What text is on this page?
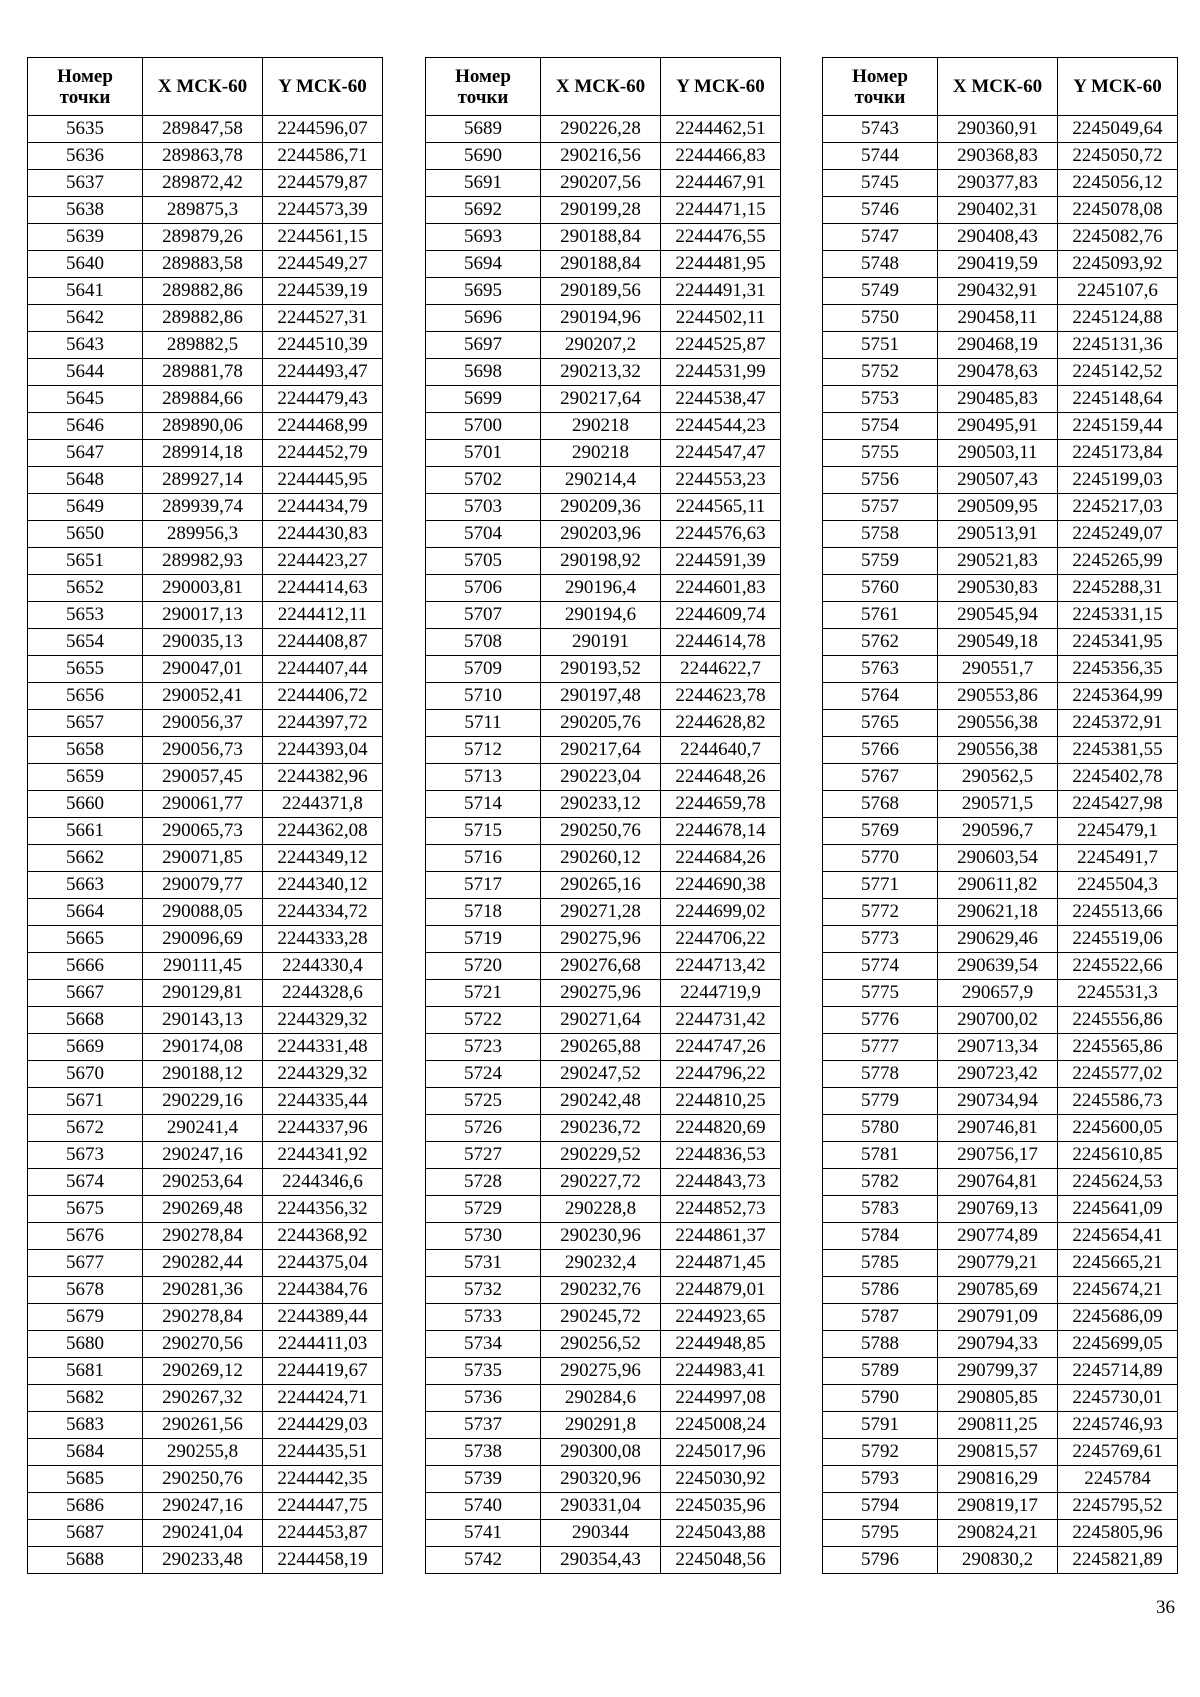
Номер
точки	X МСК-60	Y МСК-60
5635	289847,58	2244596,07
5636	289863,78	2244586,71
5637	289872,42	2244579,87
5638	289875,3	2244573,39
5639	289879,26	2244561,15
5640	289883,58	2244549,27
5641	289882,86	2244539,19
5642	289882,86	2244527,31
5643	289882,5	2244510,39
5644	289881,78	2244493,47
5645	289884,66	2244479,43
5646	289890,06	2244468,99
5647	289914,18	2244452,79
5648	289927,14	2244445,95
5649	289939,74	2244434,79
5650	289956,3	2244430,83
5651	289982,93	2244423,27
5652	290003,81	2244414,63
5653	290017,13	2244412,11
5654	290035,13	2244408,87
5655	290047,01	2244407,44
5656	290052,41	2244406,72
5657	290056,37	2244397,72
5658	290056,73	2244393,04
5659	290057,45	2244382,96
5660	290061,77	2244371,8
5661	290065,73	2244362,08
5662	290071,85	2244349,12
5663	290079,77	2244340,12
5664	290088,05	2244334,72
5665	290096,69	2244333,28
5666	290111,45	2244330,4
5667	290129,81	2244328,6
5668	290143,13	2244329,32
5669	290174,08	2244331,48
5670	290188,12	2244329,32
5671	290229,16	2244335,44
5672	290241,4	2244337,96
5673	290247,16	2244341,92
5674	290253,64	2244346,6
5675	290269,48	2244356,32
5676	290278,84	2244368,92
5677	290282,44	2244375,04
5678	290281,36	2244384,76
5679	290278,84	2244389,44
5680	290270,56	2244411,03
5681	290269,12	2244419,67
5682	290267,32	2244424,71
5683	290261,56	2244429,03
5684	290255,8	2244435,51
5685	290250,76	2244442,35
5686	290247,16	2244447,75
5687	290241,04	2244453,87
5688	290233,48	2244458,19
Номер
точки	X МСК-60	Y МСК-60
5689	290226,28	2244462,51
5690	290216,56	2244466,83
5691	290207,56	2244467,91
5692	290199,28	2244471,15
5693	290188,84	2244476,55
5694	290188,84	2244481,95
5695	290189,56	2244491,31
5696	290194,96	2244502,11
5697	290207,2	2244525,87
5698	290213,32	2244531,99
5699	290217,64	2244538,47
5700	290218	2244544,23
5701	290218	2244547,47
5702	290214,4	2244553,23
5703	290209,36	2244565,11
5704	290203,96	2244576,63
5705	290198,92	2244591,39
5706	290196,4	2244601,83
5707	290194,6	2244609,74
5708	290191	2244614,78
5709	290193,52	2244622,7
5710	290197,48	2244623,78
5711	290205,76	2244628,82
5712	290217,64	2244640,7
5713	290223,04	2244648,26
5714	290233,12	2244659,78
5715	290250,76	2244678,14
5716	290260,12	2244684,26
5717	290265,16	2244690,38
5718	290271,28	2244699,02
5719	290275,96	2244706,22
5720	290276,68	2244713,42
5721	290275,96	2244719,9
5722	290271,64	2244731,42
5723	290265,88	2244747,26
5724	290247,52	2244796,22
5725	290242,48	2244810,25
5726	290236,72	2244820,69
5727	290229,52	2244836,53
5728	290227,72	2244843,73
5729	290228,8	2244852,73
5730	290230,96	2244861,37
5731	290232,4	2244871,45
5732	290232,76	2244879,01
5733	290245,72	2244923,65
5734	290256,52	2244948,85
5735	290275,96	2244983,41
5736	290284,6	2244997,08
5737	290291,8	2245008,24
5738	290300,08	2245017,96
5739	290320,96	2245030,92
5740	290331,04	2245035,96
5741	290344	2245043,88
5742	290354,43	2245048,56
Номер
точки	X МСК-60	Y МСК-60
5743	290360,91	2245049,64
5744	290368,83	2245050,72
5745	290377,83	2245056,12
5746	290402,31	2245078,08
5747	290408,43	2245082,76
5748	290419,59	2245093,92
5749	290432,91	2245107,6
5750	290458,11	2245124,88
5751	290468,19	2245131,36
5752	290478,63	2245142,52
5753	290485,83	2245148,64
5754	290495,91	2245159,44
5755	290503,11	2245173,84
5756	290507,43	2245199,03
5757	290509,95	2245217,03
5758	290513,91	2245249,07
5759	290521,83	2245265,99
5760	290530,83	2245288,31
5761	290545,94	2245331,15
5762	290549,18	2245341,95
5763	290551,7	2245356,35
5764	290553,86	2245364,99
5765	290556,38	2245372,91
5766	290556,38	2245381,55
5767	290562,5	2245402,78
5768	290571,5	2245427,98
5769	290596,7	2245479,1
5770	290603,54	2245491,7
5771	290611,82	2245504,3
5772	290621,18	2245513,66
5773	290629,46	2245519,06
5774	290639,54	2245522,66
5775	290657,9	2245531,3
5776	290700,02	2245556,86
5777	290713,34	2245565,86
5778	290723,42	2245577,02
5779	290734,94	2245586,73
5780	290746,81	2245600,05
5781	290756,17	2245610,85
5782	290764,81	2245624,53
5783	290769,13	2245641,09
5784	290774,89	2245654,41
5785	290779,21	2245665,21
5786	290785,69	2245674,21
5787	290791,09	2245686,09
5788	290794,33	2245699,05
5789	290799,37	2245714,89
5790	290805,85	2245730,01
5791	290811,25	2245746,93
5792	290815,57	2245769,61
5793	290816,29	2245784
5794	290819,17	2245795,52
5795	290824,21	2245805,96
5796	290830,2	2245821,89
36
